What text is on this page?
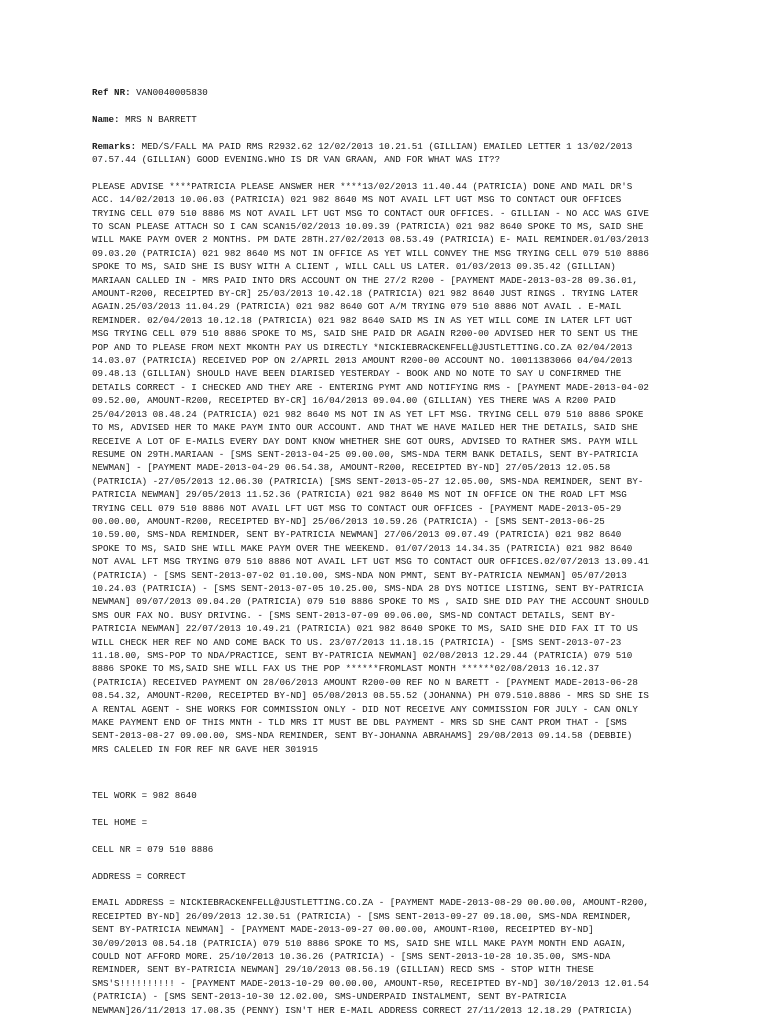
Ref NR: VAN0040005830

Name: MRS N BARRETT

Remarks: MED/S/FALL MA PAID RMS R2932.62 12/02/2013 10.21.51 (GILLIAN) EMAILED LETTER 1 13/02/2013 07.57.44 (GILLIAN) GOOD EVENING.WHO IS DR VAN GRAAN, AND FOR WHAT WAS IT??

PLEASE ADVISE ****PATRICIA PLEASE ANSWER HER ****13/02/2013 11.40.44 (PATRICIA) DONE AND MAIL DR'S ACC. 14/02/2013 10.06.03 (PATRICIA) 021 982 8640 MS NOT AVAIL LFT UGT MSG TO CONTACT OUR OFFICES TRYING CELL 079 510 8886 MS NOT AVAIL LFT UGT MSG TO CONTACT OUR OFFICES. - GILLIAN - NO ACC WAS GIVE TO SCAN PLEASE ATTACH SO I CAN SCAN15/02/2013 10.09.39 (PATRICIA) 021 982 8640 SPOKE TO MS, SAID SHE WILL MAKE PAYM OVER 2 MONTHS. PM DATE 28TH.27/02/2013 08.53.49 (PATRICIA) E- MAIL REMINDER.01/03/2013 09.03.20 (PATRICIA) 021 982 8640 MS NOT IN OFFICE AS YET WILL CONVEY THE MSG TRYING CELL 079 510 8886 SPOKE TO MS, SAID SHE IS BUSY WITH A CLIENT , WILL CALL US LATER. 01/03/2013 09.35.42 (GILLIAN) MARIAAN CALLED IN - MRS PAID INTO DRS ACCOUNT ON THE 27/2 R200 - [PAYMENT MADE-2013-03-28 09.36.01, AMOUNT-R200, RECEIPTED BY-CR] 25/03/2013 10.42.18 (PATRICIA) 021 982 8640 JUST RINGS . TRYING LATER AGAIN.25/03/2013 11.04.29 (PATRICIA) 021 982 8640 GOT A/M TRYING 079 510 8886 NOT AVAIL . E-MAIL REMINDER. 02/04/2013 10.12.18 (PATRICIA) 021 982 8640 SAID MS IN AS YET WILL COME IN LATER LFT UGT MSG TRYING CELL 079 510 8886 SPOKE TO MS, SAID SHE PAID DR AGAIN R200-00 ADVISED HER TO SENT US THE POP AND TO PLEASE FROM NEXT MKONTH PAY US DIRECTLY *NICKIEBRACKENFELL@JUSTLETTING.CO.ZA 02/04/2013 14.03.07 (PATRICIA) RECEIVED POP ON 2/APRIL 2013 AMOUNT R200-00 ACCOUNT NO. 10011383066 04/04/2013 09.48.13 (GILLIAN) SHOULD HAVE BEEN DIARISED YESTERDAY - BOOK AND NO NOTE TO SAY U CONFIRMED THE DETAILS CORRECT - I CHECKED AND THEY ARE - ENTERING PYMT AND NOTIFYING RMS - [PAYMENT MADE-2013-04-02 09.52.00, AMOUNT-R200, RECEIPTED BY-CR] 16/04/2013 09.04.00 (GILLIAN) YES THERE WAS A R200 PAID 25/04/2013 08.48.24 (PATRICIA) 021 982 8640 MS NOT IN AS YET LFT MSG. TRYING CELL 079 510 8886 SPOKE TO MS, ADVISED HER TO MAKE PAYM INTO OUR ACCOUNT. AND THAT WE HAVE MAILED HER THE DETAILS, SAID SHE RECEIVE A LOT OF E-MAILS EVERY DAY DONT KNOW WHETHER SHE GOT OURS, ADVISED TO RATHER SMS. PAYM WILL RESUME ON 29TH.MARIAAN - [SMS SENT-2013-04-25 09.00.00, SMS-NDA TERM BANK DETAILS, SENT BY-PATRICIA NEWMAN] - [PAYMENT MADE-2013-04-29 06.54.38, AMOUNT-R200, RECEIPTED BY-ND] 27/05/2013 12.05.58 (PATRICIA) -27/05/2013 12.06.30 (PATRICIA) [SMS SENT-2013-05-27 12.05.00, SMS-NDA REMINDER, SENT BY-PATRICIA NEWMAN] 29/05/2013 11.52.36 (PATRICIA) 021 982 8640 MS NOT IN OFFICE ON THE ROAD LFT MSG TRYING CELL 079 510 8886 NOT AVAIL LFT UGT MSG TO CONTACT OUR OFFICES - [PAYMENT MADE-2013-05-29 00.00.00, AMOUNT-R200, RECEIPTED BY-ND] 25/06/2013 10.59.26 (PATRICIA) - [SMS SENT-2013-06-25 10.59.00, SMS-NDA REMINDER, SENT BY-PATRICIA NEWMAN] 27/06/2013 09.07.49 (PATRICIA) 021 982 8640 SPOKE TO MS, SAID SHE WILL MAKE PAYM OVER THE WEEKEND. 01/07/2013 14.34.35 (PATRICIA) 021 982 8640 NOT AVAL LFT MSG TRYING 079 510 8886 NOT AVAIL LFT UGT MSG TO CONTACT OUR OFFICES.02/07/2013 13.09.41 (PATRICIA) - [SMS SENT-2013-07-02 01.10.00, SMS-NDA NON PMNT, SENT BY-PATRICIA NEWMAN] 05/07/2013 10.24.03 (PATRICIA) - [SMS SENT-2013-07-05 10.25.00, SMS-NDA 28 DYS NOTICE LISTING, SENT BY-PATRICIA NEWMAN] 09/07/2013 09.04.20 (PATRICIA) 079 510 8886 SPOKE TO MS , SAID SHE DID PAY THE ACCOUNT SHOULD SMS OUR FAX NO. BUSY DRIVING. - [SMS SENT-2013-07-09 09.06.00, SMS-ND CONTACT DETAILS, SENT BY-PATRICIA NEWMAN] 22/07/2013 10.49.21 (PATRICIA) 021 982 8640 SPOKE TO MS, SAID SHE DID FAX IT TO US WILL CHECK HER REF NO AND COME BACK TO US. 23/07/2013 11.18.15 (PATRICIA) - [SMS SENT-2013-07-23 11.18.00, SMS-POP TO NDA/PRACTICE, SENT BY-PATRICIA NEWMAN] 02/08/2013 12.29.44 (PATRICIA) 079 510 8886 SPOKE TO MS,SAID SHE WILL FAX US THE POP ******FROMLAST MONTH ******02/08/2013 16.12.37 (PATRICIA) RECEIVED PAYMENT ON 28/06/2013 AMOUNT R200-00 REF NO N BARETT - [PAYMENT MADE-2013-06-28 08.54.32, AMOUNT-R200, RECEIPTED BY-ND] 05/08/2013 08.55.52 (JOHANNA) PH 079.510.8886 - MRS SD SHE IS A RENTAL AGENT - SHE WORKS FOR COMMISSION ONLY - DID NOT RECEIVE ANY COMMISSION FOR JULY - CAN ONLY MAKE PAYMENT END OF THIS MNTH - TLD MRS IT MUST BE DBL PAYMENT - MRS SD SHE CANT PROM THAT - [SMS SENT-2013-08-27 09.00.00, SMS-NDA REMINDER, SENT BY-JOHANNA ABRAHAMS] 29/08/2013 09.14.58 (DEBBIE) MRS CALELED IN FOR REF NR GAVE HER 301915

TEL WORK = 982 8640

TEL HOME =

CELL NR = 079 510 8886

ADDRESS = CORRECT

EMAIL ADDRESS = NICKIEBRACKENFELL@JUSTLETTING.CO.ZA - [PAYMENT MADE-2013-08-29 00.00.00, AMOUNT-R200, RECEIPTED BY-ND] 26/09/2013 12.30.51 (PATRICIA) - [SMS SENT-2013-09-27 09.18.00, SMS-NDA REMINDER, SENT BY-PATRICIA NEWMAN] - [PAYMENT MADE-2013-09-27 00.00.00, AMOUNT-R100, RECEIPTED BY-ND] 30/09/2013 08.54.18 (PATRICIA) 079 510 8886 SPOKE TO MS, SAID SHE WILL MAKE PAYM MONTH END AGAIN, COULD NOT AFFORD MORE. 25/10/2013 10.36.26 (PATRICIA) - [SMS SENT-2013-10-28 10.35.00, SMS-NDA REMINDER, SENT BY-PATRICIA NEWMAN] 29/10/2013 08.56.19 (GILLIAN) RECD SMS - STOP WITH THESE SMS'S!!!!!!!!!! - [PAYMENT MADE-2013-10-29 00.00.00, AMOUNT-R50, RECEIPTED BY-ND] 30/10/2013 12.01.54 (PATRICIA) - [SMS SENT-2013-10-30 12.02.00, SMS-UNDERPAID INSTALMENT, SENT BY-PATRICIA NEWMAN]26/11/2013 17.08.35 (PENNY) ISN'T HER E-MAIL ADDRESS CORRECT 27/11/2013 12.18.29 (PATRICIA)
